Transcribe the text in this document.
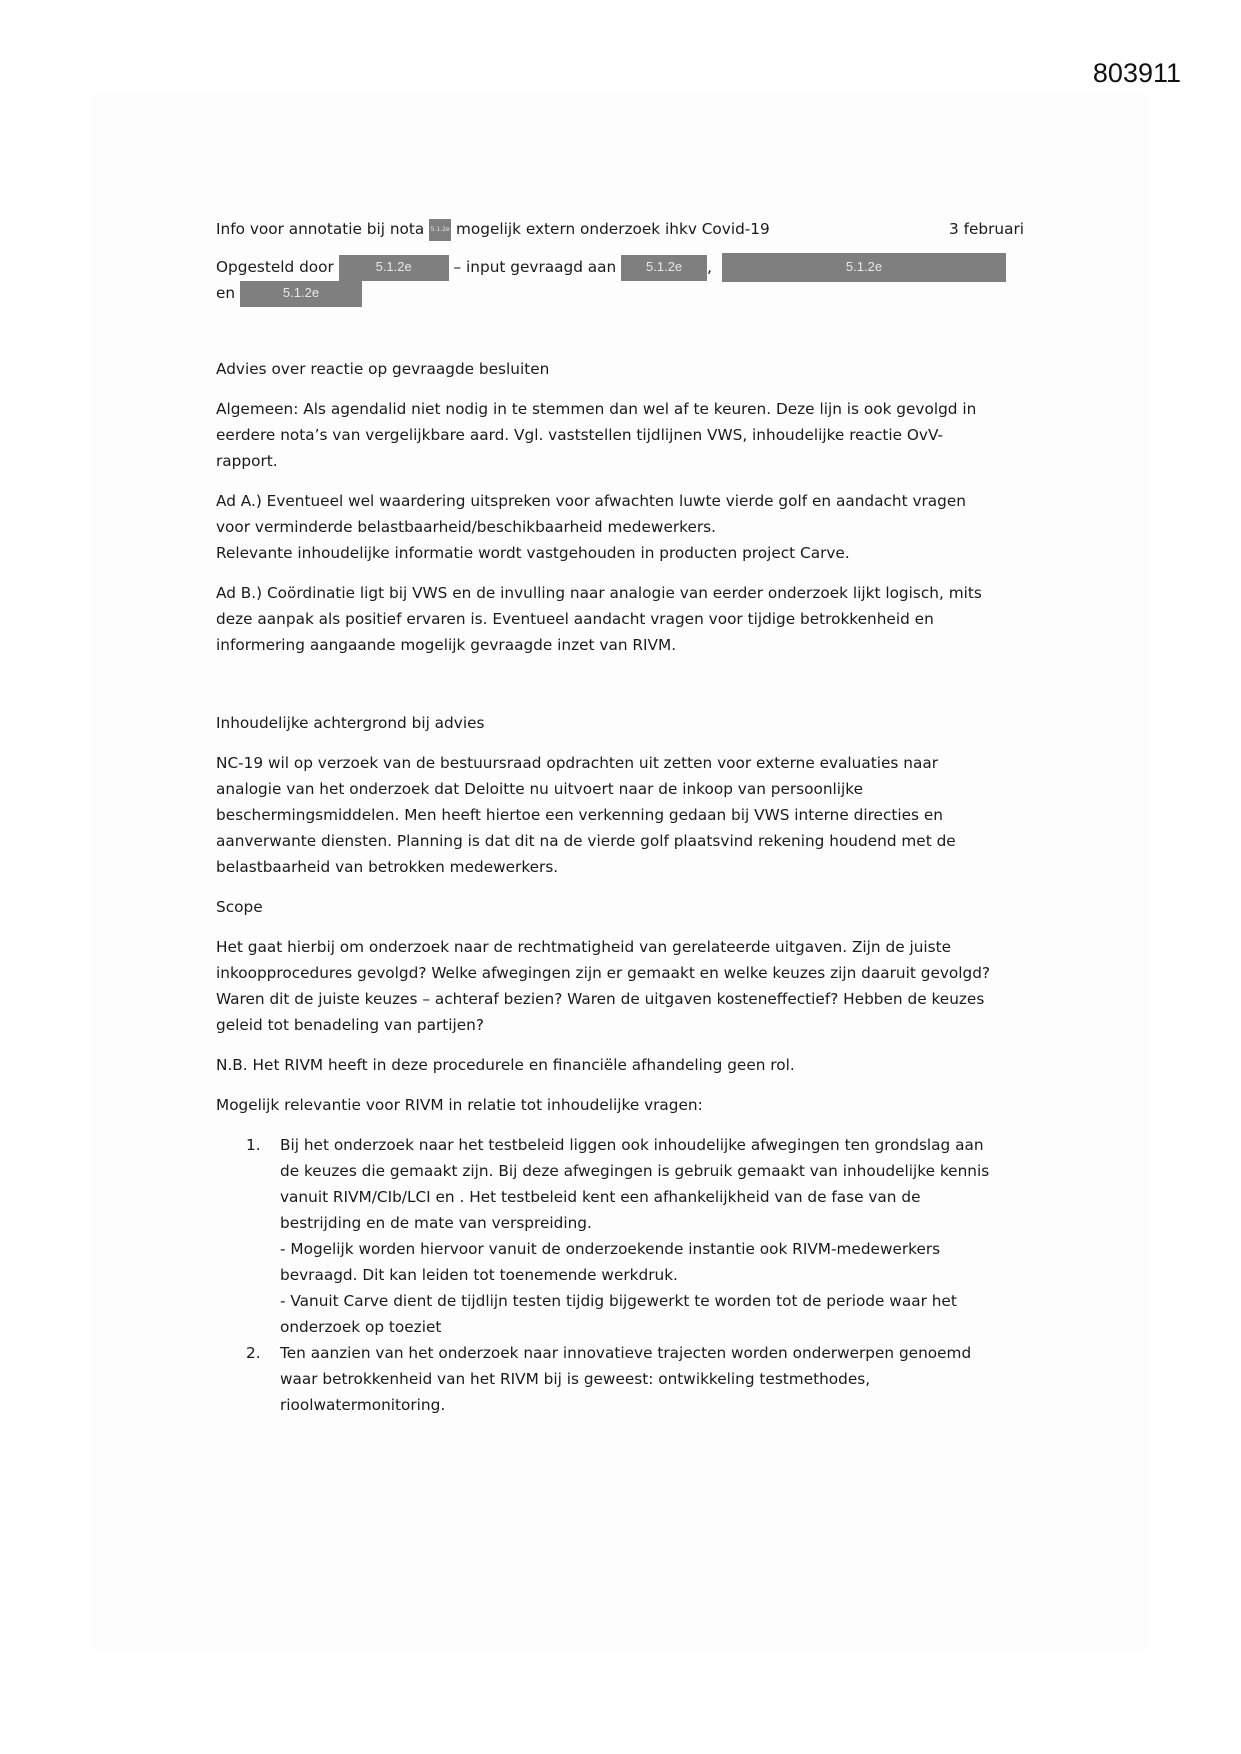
803911
Info voor annotatie bij nota 5.1.2e mogelijk extern onderzoek ihkv Covid-19	3 februari
Opgesteld door	5.1.2e	– input gevraagd aan 5.1.2e ,	5.1.2e
en	5.1.2e

Advies over reactie op gevraagde besluiten

Algemeen: Als agendalid niet nodig in te stemmen dan wel af te keuren. Deze lijn is ook gevolgd in
eerdere nota’s van vergelijkbare aard. Vgl. vaststellen tijdlijnen VWS, inhoudelijke reactie OvV-
rapport.

Ad A.) Eventueel wel waardering uitspreken voor afwachten luwte vierde golf en aandacht vragen
voor verminderde belastbaarheid/beschikbaarheid medewerkers.
Relevante inhoudelijke informatie wordt vastgehouden in producten project Carve.

Ad B.) Coördinatie ligt bij VWS en de invulling naar analogie van eerder onderzoek lijkt logisch, mits
deze aanpak als positief ervaren is. Eventueel aandacht vragen voor tijdige betrokkenheid en
informering aangaande mogelijk gevraagde inzet van RIVM.

Inhoudelijke achtergrond bij advies

NC-19 wil op verzoek van de bestuursraad opdrachten uit zetten voor externe evaluaties naar
analogie van het onderzoek dat Deloitte nu uitvoert naar de inkoop van persoonlijke
beschermingsmiddelen. Men heeft hiertoe een verkenning gedaan bij VWS interne directies en
aanverwante diensten. Planning is dat dit na de vierde golf plaatsvind rekening houdend met de
belastbaarheid van betrokken medewerkers.

Scope

Het gaat hierbij om onderzoek naar de rechtmatigheid van gerelateerde uitgaven. Zijn de juiste
inkoopprocedures gevolgd? Welke afwegingen zijn er gemaakt en welke keuzes zijn daaruit gevolgd?
Waren dit de juiste keuzes – achteraf bezien? Waren de uitgaven kosteneffectief? Hebben de keuzes
geleid tot benadeling van partijen?

N.B. Het RIVM heeft in deze procedurele en financiële afhandeling geen rol.

Mogelijk relevantie voor RIVM in relatie tot inhoudelijke vragen:

1. Bij het onderzoek naar het testbeleid liggen ook inhoudelijke afwegingen ten grondslag aan
de keuzes die gemaakt zijn. Bij deze afwegingen is gebruik gemaakt van inhoudelijke kennis
vanuit RIVM/CIb/LCI en . Het testbeleid kent een afhankelijkheid van de fase van de
bestrijding en de mate van verspreiding.
- Mogelijk worden hiervoor vanuit de onderzoekende instantie ook RIVM-medewerkers
bevraagd. Dit kan leiden tot toenemende werkdruk.
- Vanuit Carve dient de tijdlijn testen tijdig bijgewerkt te worden tot de periode waar het
onderzoek op toeziet
2. Ten aanzien van het onderzoek naar innovatieve trajecten worden onderwerpen genoemd
waar betrokkenheid van het RIVM bij is geweest: ontwikkeling testmethodes,
rioolwatermonitoring.
